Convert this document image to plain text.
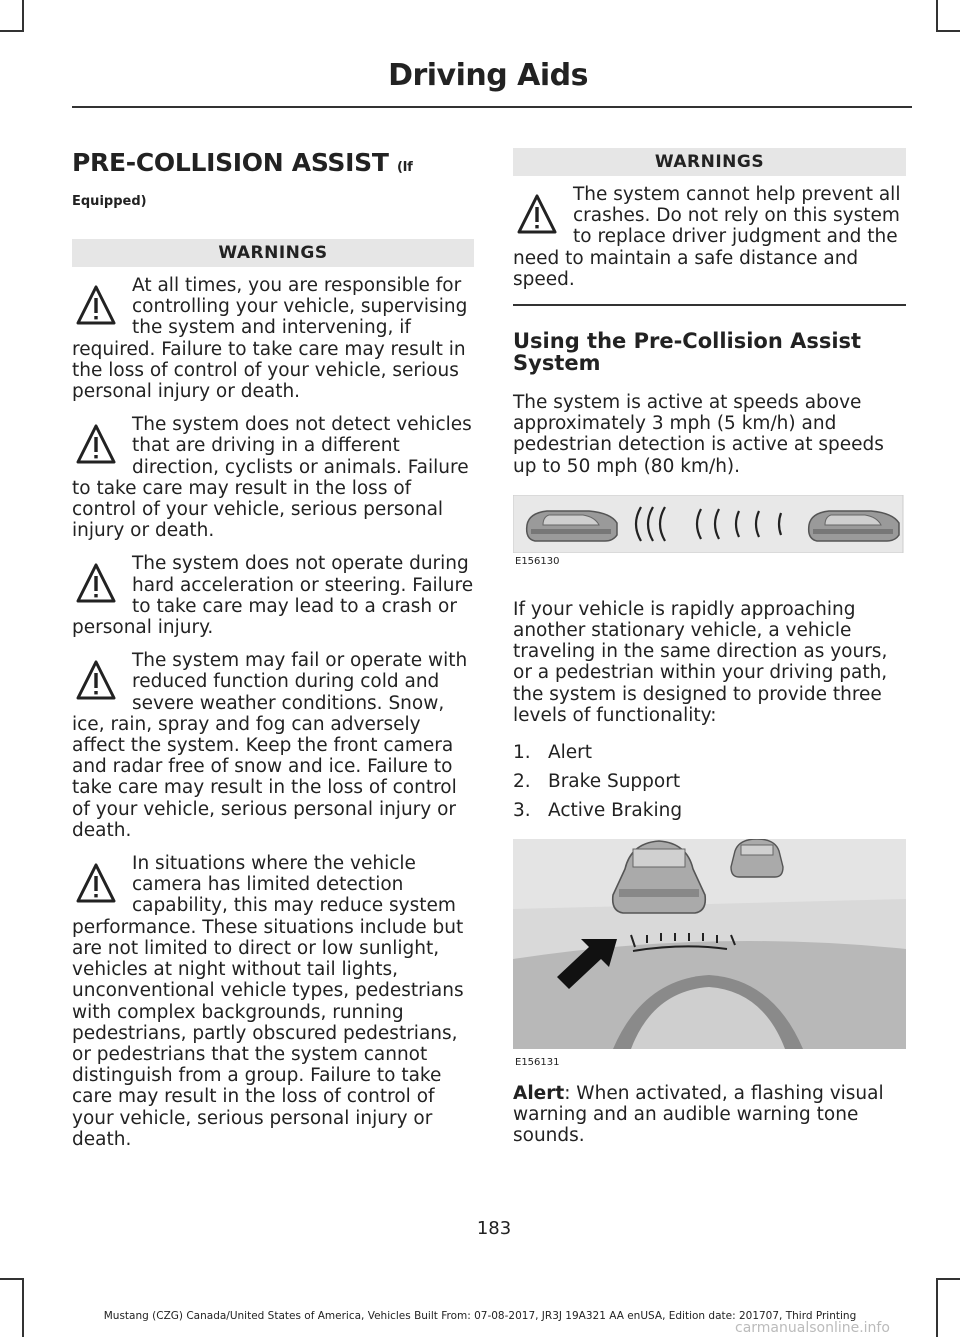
Driving Aids
PRE-COLLISION ASSIST (If
Equipped)
WARNINGS

At all times, you are responsible for controlling your vehicle, supervising the system and intervening, if required. Failure to take care may result in the loss of control of your vehicle, serious personal injury or death.

The system does not detect vehicles that are driving in a different direction, cyclists or animals. Failure to take care may result in the loss of control of your vehicle, serious personal injury or death.

The system does not operate during hard acceleration or steering. Failure to take care may lead to a crash or personal injury.

The system may fail or operate with reduced function during cold and severe weather conditions. Snow, ice, rain, spray and fog can adversely affect the system. Keep the front camera and radar free of snow and ice. Failure to take care may result in the loss of control of your vehicle, serious personal injury or death.

In situations where the vehicle camera has limited detection capability, this may reduce system performance. These situations include but are not limited to direct or low sunlight, vehicles at night without tail lights, unconventional vehicle types, pedestrians with complex backgrounds, running pedestrians, partly obscured pedestrians, or pedestrians that the system cannot distinguish from a group. Failure to take care may result in the loss of control of your vehicle, serious personal injury or death.

WARNINGS

The system cannot help prevent all crashes. Do not rely on this system to replace driver judgment and the need to maintain a safe distance and speed.

Using the Pre-Collision Assist System

The system is active at speeds above approximately 3 mph (5 km/h) and pedestrian detection is active at speeds up to 50 mph (80 km/h).

E156130

If your vehicle is rapidly approaching another stationary vehicle, a vehicle traveling in the same direction as yours, or a pedestrian within your driving path, the system is designed to provide three levels of functionality:

1. Alert
2. Brake Support
3. Active Braking
E156131

Alert: When activated, a flashing visual warning and an audible warning tone sounds.

183
Mustang (CZG) Canada/United States of America, Vehicles Built From: 07-08-2017, JR3J 19A321 AA enUSA, Edition date: 201707, Third Printing
carmanualsonline.info
